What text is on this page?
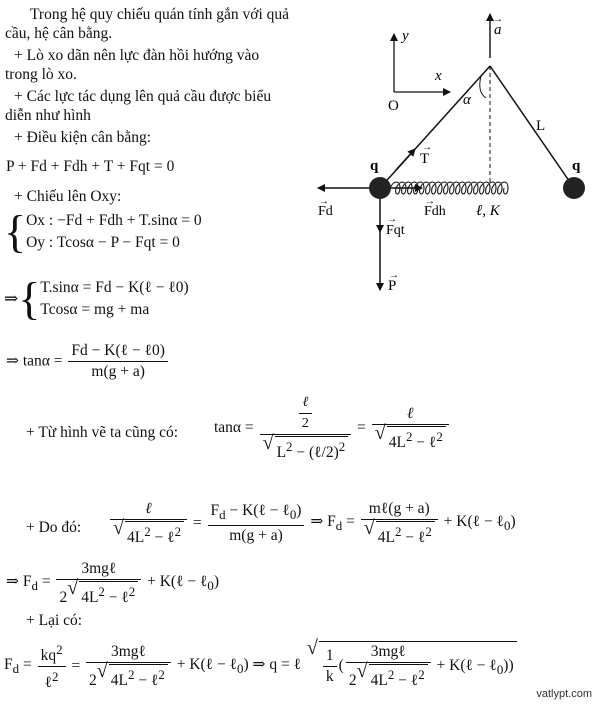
Trong hệ quy chiếu quán tính gắn với quả
cầu, hệ cân bằng.
+ Lò xo dãn nên lực đàn hồi hướng vào
trong lò xo.
+ Các lực tác dụng lên quả cầu được biểu
diễn như hình
+ Điều kiện cân bằng:
P + Fd + Fdh + T + Fqt = 0
+ Chiếu lên Oxy:
{ Ox : −Fd + Fdh + T.sinα = 0
Oy : Tcosα − P − Fqt = 0
⇒{ T.sinα = Fd − K(ℓ − ℓ0)
Tcosα = mg + ma
⇒ $\tan\alpha = \frac{\text{Fd − K(ℓ − ℓ0)}}{m(g + a)}$
+ Từ hình vẽ ta cũng có: $\tan\alpha = \frac{\text{ℓ}}{2}$
√ $L^2$ − (ℓ/2)$^2$ = ℓ
√ $4L^2$ − ℓ$^2$
+ Do đó: ℓ
√ $4L^2$ − ℓ$^2$ = $\frac{F_d - K(\ell - \ell_0)}{m(g + a)}$ ⇒ $F_d$ = mℓ(g + a)
√ $4L^2$ − ℓ$^2$ + K(ℓ − ℓ$_0$)
⇒ $F_d = \frac{\text{3mgℓ}}{2 √ 4L^2 - \ell^2}$ + K(ℓ − ℓ$_0$)
+ Lại có:
$F_d = \frac{kq^2}{\ell^2} = \frac{\text{3mgℓ}}{2 √ 4L^2 - \ell^2}$ + K(ℓ − ℓ$_0$) ⇒ q = ℓ √ $\frac{1}{k}$ ( $\frac{\text{3mgℓ}}{2 √ 4L^2 - \ell^2}$ + K(ℓ − ℓ$_0$))
vatlypt.com
y
x
O
a
→
α
L
T
→
q	q
Fd
→
Fdh
→
ℓ, K
Fqt
→
P
→
